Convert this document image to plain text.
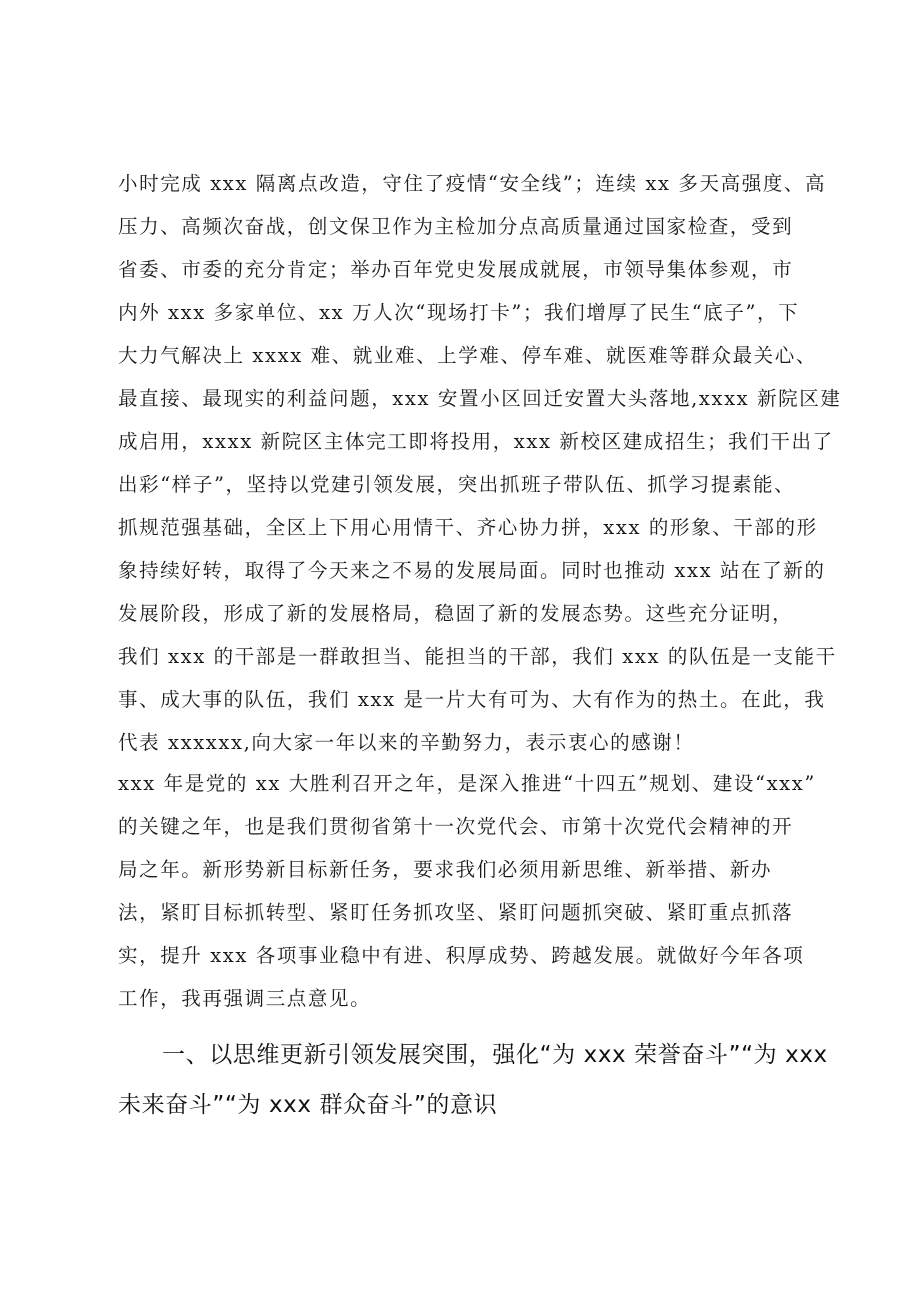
小时完成 xxx 隔离点改造，守住了疫情“安全线”；连续 xx 多天高强度、高
压力、高频次奋战，创文保卫作为主检加分点高质量通过国家检查，受到
省委、市委的充分肯定；举办百年党史发展成就展，市领导集体参观，市
内外 xxx 多家单位、xx 万人次“现场打卡”；我们增厚了民生“底子”，下
大力气解决上 xxxx 难、就业难、上学难、停车难、就医难等群众最关心、
最直接、最现实的利益问题，xxx 安置小区回迁安置大头落地,xxxx 新院区建
成启用，xxxx 新院区主体完工即将投用，xxx 新校区建成招生；我们干出了
出彩“样子”，坚持以党建引领发展，突出抓班子带队伍、抓学习提素能、
抓规范强基础，全区上下用心用情干、齐心协力拼，xxx 的形象、干部的形
象持续好转，取得了今天来之不易的发展局面。同时也推动 xxx 站在了新的
发展阶段，形成了新的发展格局，稳固了新的发展态势。这些充分证明，
我们 xxx 的干部是一群敢担当、能担当的干部，我们 xxx 的队伍是一支能干
事、成大事的队伍，我们 xxx 是一片大有可为、大有作为的热土。在此，我
代表 xxxxxx,向大家一年以来的辛勤努力，表示衷心的感谢！
xxx 年是党的 xx 大胜利召开之年，是深入推进“十四五”规划、建设“xxx”
的关键之年，也是我们贯彻省第十一次党代会、市第十次党代会精神的开
局之年。新形势新目标新任务，要求我们必须用新思维、新举措、新办
法，紧盯目标抓转型、紧盯任务抓攻坚、紧盯问题抓突破、紧盯重点抓落
实，提升 xxx 各项事业稳中有进、积厚成势、跨越发展。就做好今年各项
工作，我再强调三点意见。
一、以思维更新引领发展突围，强化“为 xxx 荣誉奋斗”“为 xxx
未来奋斗”“为 xxx 群众奋斗”的意识
